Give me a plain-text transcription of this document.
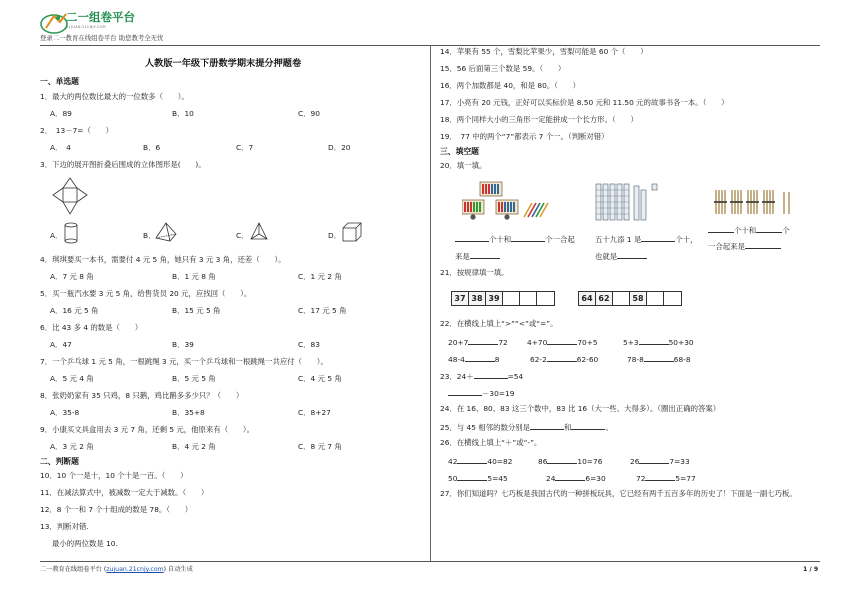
二一组卷平台
21JUAN.21CNJY.COM
登录二一教育在线组卷平台 助您教考全无忧
人教版一年级下册数学期末提分押题卷
一、单选题
1．最大的两位数比最大的一位数多（　　）。
A．89	B．10	C．90
2．　13－7=（　　）
A．　4	B．6	C．7	D．20
3．下边的展开图折叠后围成的立体图形是(　　)。
A．	B．	C．	D．
4．琪琪要买一本书，需要付 4 元 5 角，她只有 3 元 3 角，还差（　　）。
A．7 元 8 角	B．1 元 8 角	C．1 元 2 角
5．买一瓶汽水要 3 元 5 角，给售货员 20 元，应找回（　　）。
A．16 元 5 角	B．15 元 5 角	C．17 元 5 角
6．比 43 多 4 的数是（　　）
A．47	B．39	C．83
7．一个乒乓球 1 元 5 角，一根跳绳 3 元，买一个乒乓球和一根跳绳一共应付（　　）。
A．5 元 4 角	B．5 元 5 角	C．4 元 5 角
8．张奶奶家有 35 只鸡，8 只鹅，鸡比鹅多多少只？（　　）
A．35-8	B．35+8	C．8+27
9．小康买文具盒用去 3 元 7 角，还剩 5 元，他原来有（　　）。
A．3 元 2 角	B．4 元 2 角	C．8 元 7 角
二、判断题
10．10 个一是十，10 个十是一百。（　　）
11．在减法算式中，被减数一定大于减数。（　　）
12．8 个一和 7 个十组成的数是 78。（　　）
13．判断对错.
最小的两位数是 10.
14．苹果有 55 个，雪梨比苹果少，雪梨可能是 60 个（　　）
15．56 后面第三个数是 59。（　　）
16．两个加数都是 40，和是 80。（　　）
17．小亮有 20 元钱，正好可以买标价是 8.50 元和 11.50 元的故事书各一本。（　　）
18．两个同样大小的三角形一定能拼成一个长方形。（　　）
19．　77 中的两个“7”都表示 7 个一。（判断对错）
三、填空题
20．填一填。
个十和	个
个十和	个一合起	五十九添 1 是	个十，
一合起来是
来是	也就是
21．按规律填一填。
37 38 39	64 62	58
22．在横线上填上“>”“<”或“=”。
20+7	72	4+70	70+5	5+3	50+30
48-4	8	62-2	62-60	78-8	68-8
23．24＋	=54
－30=19
24．在 16、80、83 这三个数中，83 比 16（大一些、大得多）。（圈出正确的答案）
25．与 45 相邻的数分别是	和	。
26．在横线上填上“＋”或“-”。
42	40=82	86	10=76	26	7=33
50	5=45	24	6=30	72	5=77
27．你们知道吗？七巧板是我国古代的一种拼板玩具，它已经有两千五百多年的历史了！下面是一副七巧板。
二一教育在线组卷平台 (zujuan.21cnjy.com) 自动生成	1 / 9
